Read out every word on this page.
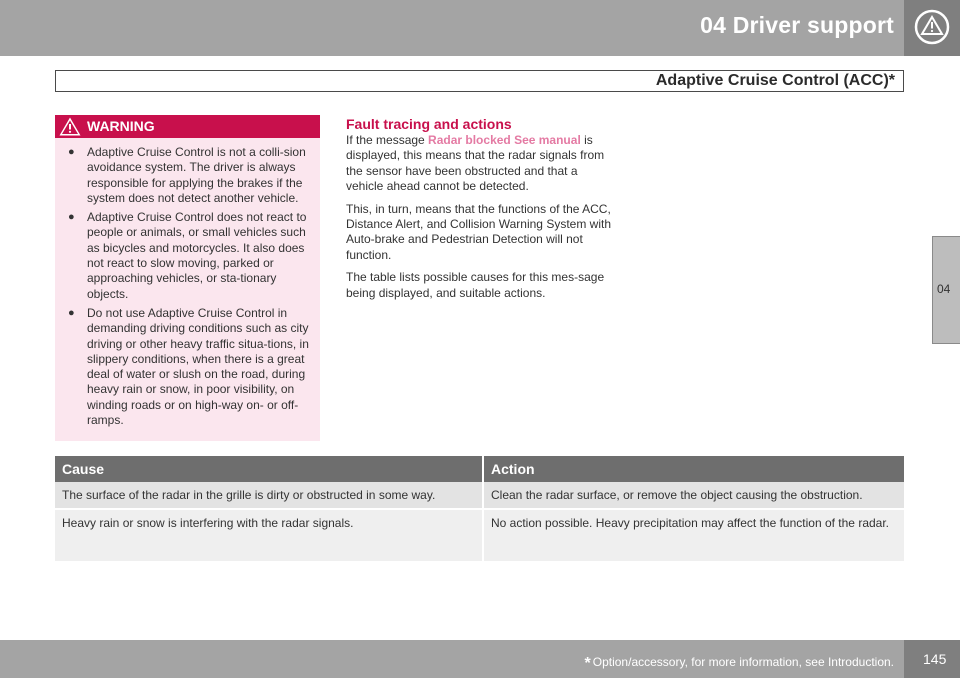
04 Driver support
Adaptive Cruise Control (ACC)*
04
WARNING
● Adaptive Cruise Control is not a colli-sion avoidance system. The driver is always responsible for applying the brakes if the system does not detect another vehicle.
● Adaptive Cruise Control does not react to people or animals, or small vehicles such as bicycles and motorcycles. It also does not react to slow moving, parked or approaching vehicles, or sta-tionary objects.
● Do not use Adaptive Cruise Control in demanding driving conditions such as city driving or other heavy traffic situa-tions, in slippery conditions, when there is a great deal of water or slush on the road, during heavy rain or snow, in poor visibility, on winding roads or on high-way on- or off-ramps.
Fault tracing and actions

If the message Radar blocked See manual is displayed, this means that the radar signals from the sensor have been obstructed and that a vehicle ahead cannot be detected.

This, in turn, means that the functions of the ACC, Distance Alert, and Collision Warning System with Auto-brake and Pedestrian Detection will not function.

The table lists possible causes for this mes-sage being displayed, and suitable actions.

Cause	Action
The surface of the radar in the grille is dirty or obstructed in some way.	Clean the radar surface, or remove the object causing the obstruction.
Heavy rain or snow is interfering with the radar signals.	No action possible. Heavy precipitation may affect the function of the radar.
* Option/accessory, for more information, see Introduction. 145
